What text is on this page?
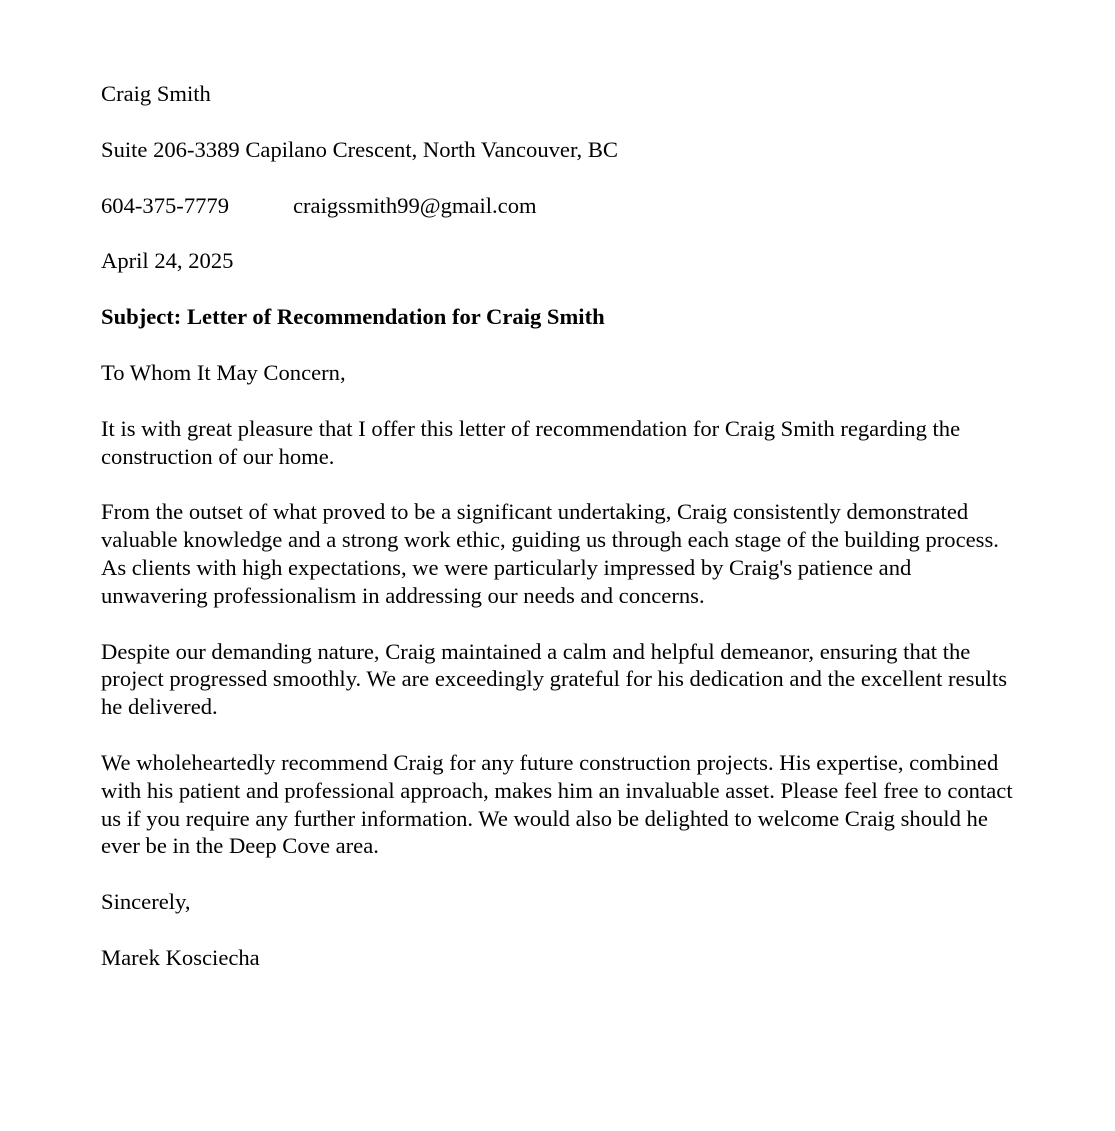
Craig Smith

Suite 206-3389 Capilano Crescent, North Vancouver, BC

604-375-7779	craigssmith99@gmail.com

April 24, 2025

Subject: Letter of Recommendation for Craig Smith

To Whom It May Concern,

It is with great pleasure that I offer this letter of recommendation for Craig Smith regarding the construction of our home.

From the outset of what proved to be a significant undertaking, Craig consistently demonstrated valuable knowledge and a strong work ethic, guiding us through each stage of the building process. As clients with high expectations, we were particularly impressed by Craig's patience and unwavering professionalism in addressing our needs and concerns.

Despite our demanding nature, Craig maintained a calm and helpful demeanor, ensuring that the project progressed smoothly. We are exceedingly grateful for his dedication and the excellent results he delivered.

We wholeheartedly recommend Craig for any future construction projects. His expertise, combined with his patient and professional approach, makes him an invaluable asset. Please feel free to contact us if you require any further information. We would also be delighted to welcome Craig should he ever be in the Deep Cove area.

Sincerely,

Marek Kosciecha
